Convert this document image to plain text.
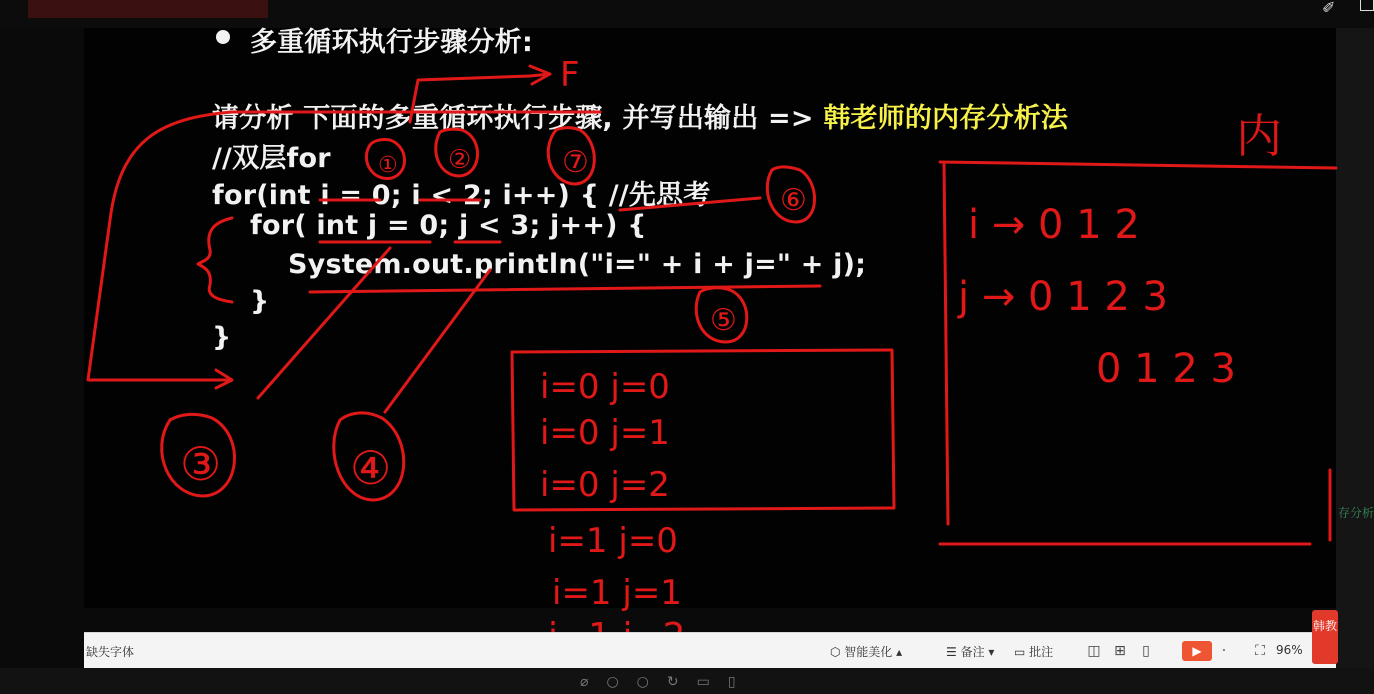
✐
存分析
多重循环执行步骤分析:
请分析 下面的多重循环执行步骤, 并写出输出 => 韩老师的内存分析法
//双层for
for(int i = 0; i < 2; i++) { //先思考
for( int j = 0; j < 3; j++) {
System.out.println("i=" + i + j=" + j);
}
}
① ②	⑦
⑥
⑤
③	④
F
i=0 j=0
i=0 j=1
i=0 j=2
i=1 j=0
i=1 j=1
内
i → 0 1 2
j → 0 1 2 3
0 1 2 3
缺失字体	⬡ 智能美化 ▴	☰ 备注 ▾ ▭ 批注 ◫ ⊞	▯	▶	·	⛶ 96%
韩教
⌀○○↻▭▯
